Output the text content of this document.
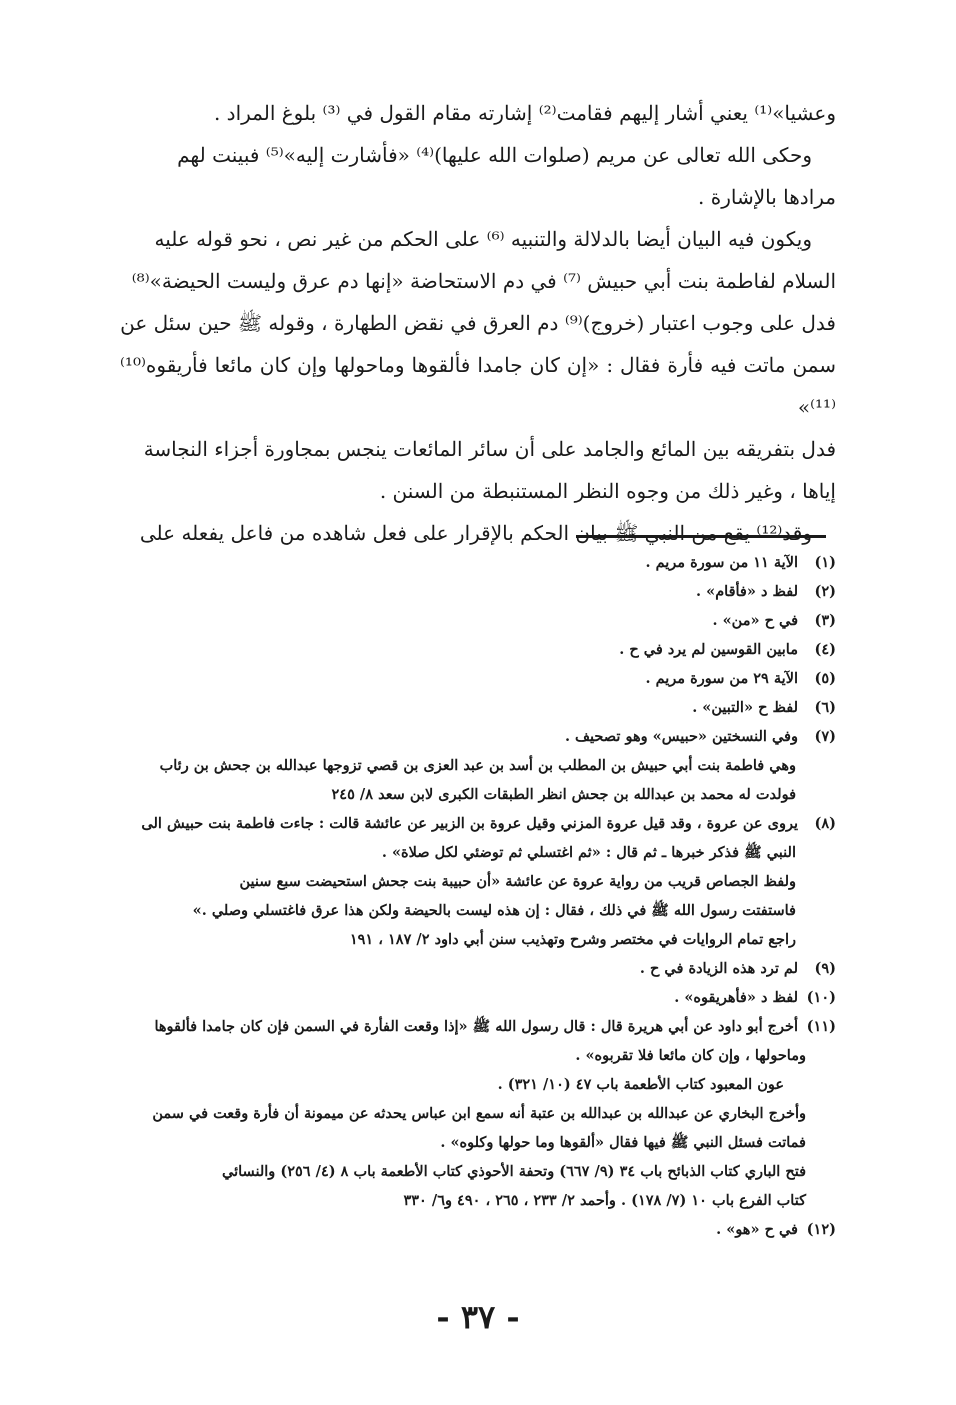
وعشيا»⁽¹⁾ يعني أشار إليهم فقامت⁽²⁾ إشارته مقام القول في ⁽³⁾ بلوغ المراد .

وحكى الله تعالى عن مريم (صلوات الله عليها)⁽⁴⁾ «فأشارت إليه»⁽⁵⁾ فبينت لهم

مرادها بالإشارة .

ويكون فيه البيان أيضا بالدلالة والتنبيه ⁽⁶⁾ على الحكم من غير نص ، نحو قوله عليه

السلام لفاطمة بنت أبي حبيش ⁽⁷⁾ في دم الاستحاضة «إنها دم عرق وليست الحيضة»⁽⁸⁾

فدل على وجوب اعتبار (خروج)⁽⁹⁾ دم العرق في نقض الطهارة ، وقوله ﷺ حين سئل عن

سمن ماتت فيه فأرة فقال : «إن كان جامدا فألقوها وماحولها وإن كان مائعا فأريقوه⁽¹⁰⁾ ⁽¹¹⁾»

فدل بتفريقه بين المائع والجامد على أن سائر المائعات ينجس بمجاورة أجزاء النجاسة

إياها ، وغير ذلك من وجوه النظر المستنبطة من السنن .

وقد⁽¹²⁾ يقع من النبي ﷺ بيان الحكم بالإقرار على فعل شاهده من فاعل يفعله على

(١)الآية ١١ من سورة مريم .

(٢)لفظ د «فأقام» .

(٣)في ح «من» .

(٤)مابين القوسين لم يرد في ح .

(٥)الآية ٢٩ من سورة مريم .

(٦)لفظ ح «التبين» .

(٧)وفي النسختين «حبيس» وهو تصحيف .

وهي فاطمة بنت أبي حبيش بن المطلب بن أسد بن عبد العزى بن قصي تزوجها عبدالله بن جحش بن رئاب

فولدت له محمد بن عبدالله بن جحش انظر الطبقات الكبرى لابن سعد ٨/ ٢٤٥

(٨)يروى عن عروة ، وقد قيل عروة المزني وقيل عروة بن الزبير عن عائشة قالت : جاءت فاطمة بنت حبيش الى

النبي ﷺ فذكر خبرها ـ ثم قال : «ثم اغتسلي ثم توضئي لكل صلاة» .

ولفظ الجصاص قريب من رواية عروة عن عائشة «أن حبيبة بنت جحش استحيضت سبع سنين

فاستفتت رسول الله ﷺ في ذلك ، فقال : إن هذه ليست بالحيضة ولكن هذا عرق فاغتسلي وصلي .»

راجع تمام الروايات في مختصر وشرح وتهذيب سنن أبي داود ٢/ ١٨٧ ، ١٩١

(٩)لم ترد هذه الزيادة في ح .

(١٠)لفظ د «فأهريقوه» .

(١١)أخرج أبو داود عن أبي هريرة قال : قال رسول الله ﷺ «إذا وقعت الفأرة في السمن فإن كان جامدا فألقوها

وماحولها ، وإن كان مائعا فلا تقربوه» .

عون المعبود كتاب الأطعمة باب ٤٧ (١٠/ ٣٢١) .

وأخرج البخاري عن عبدالله بن عبدالله بن عتبة أنه سمع ابن عباس يحدثه عن ميمونة أن فأرة وقعت في سمن

فماتت فسئل النبي ﷺ فيها فقال «ألقوها وما حولها وكلوه» .

فتح الباري كتاب الذبائح باب ٣٤ (٩/ ٦٦٧) وتحفة الأحوذي كتاب الأطعمة باب ٨ (٤/ ٢٥٦) والنسائي

كتاب الفرع باب ١٠ (٧/ ١٧٨) . وأحمد ٢/ ٢٣٣ ، ٢٦٥ ، ٤٩٠ و٦/ ٣٣٠

(١٢)في ح «هو» .

- ٣٧ -
